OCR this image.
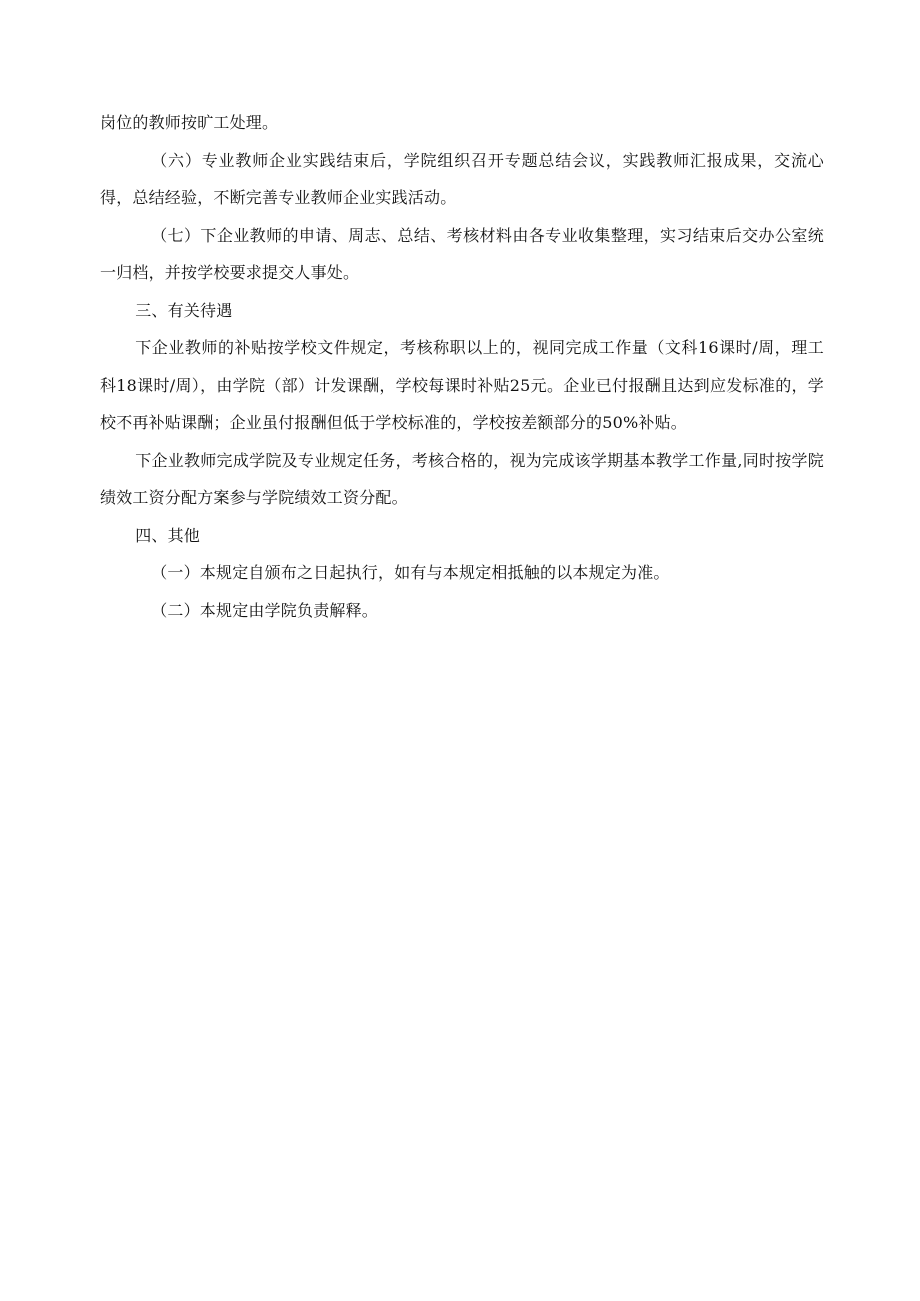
岗位的教师按旷工处理。

（六）专业教师企业实践结束后，学院组织召开专题总结会议，实践教师汇报成果，交流心得，总结经验，不断完善专业教师企业实践活动。

（七）下企业教师的申请、周志、总结、考核材料由各专业收集整理，实习结束后交办公室统一归档，并按学校要求提交人事处。

三、有关待遇

下企业教师的补贴按学校文件规定，考核称职以上的，视同完成工作量（文科16课时/周，理工科18课时/周），由学院（部）计发课酬，学校每课时补贴25元。企业已付报酬且达到应发标准的，学校不再补贴课酬；企业虽付报酬但低于学校标准的，学校按差额部分的50%补贴。

下企业教师完成学院及专业规定任务，考核合格的，视为完成该学期基本教学工作量,同时按学院绩效工资分配方案参与学院绩效工资分配。

四、其他

（一）本规定自颁布之日起执行，如有与本规定相抵触的以本规定为准。

（二）本规定由学院负责解释。
